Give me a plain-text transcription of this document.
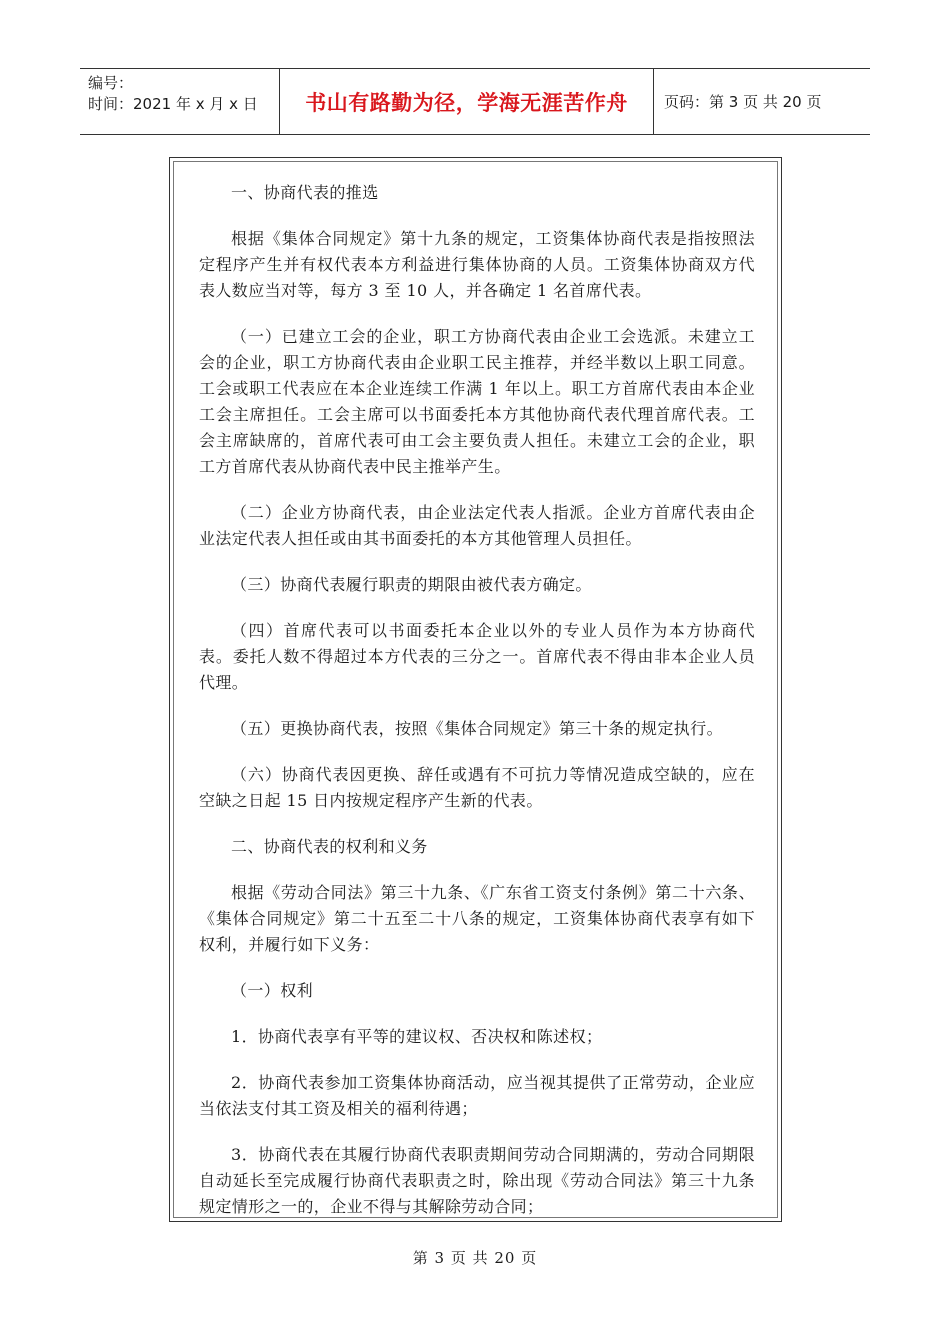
编号：
时间：2021 年 x 月 x 日	书山有路勤为径，学海无涯苦作舟	页码：第 3 页 共 20 页

一、协商代表的推选

根据《集体合同规定》第十九条的规定，工资集体协商代表是指按照法定程序产生并有权代表本方利益进行集体协商的人员。工资集体协商双方代表人数应当对等，每方 3 至 10 人，并各确定 1 名首席代表。

（一）已建立工会的企业，职工方协商代表由企业工会选派。未建立工会的企业，职工方协商代表由企业职工民主推荐，并经半数以上职工同意。工会或职工代表应在本企业连续工作满 1 年以上。职工方首席代表由本企业工会主席担任。工会主席可以书面委托本方其他协商代表代理首席代表。工会主席缺席的，首席代表可由工会主要负责人担任。未建立工会的企业，职工方首席代表从协商代表中民主推举产生。

（二）企业方协商代表，由企业法定代表人指派。企业方首席代表由企业法定代表人担任或由其书面委托的本方其他管理人员担任。

（三）协商代表履行职责的期限由被代表方确定。

（四）首席代表可以书面委托本企业以外的专业人员作为本方协商代表。委托人数不得超过本方代表的三分之一。首席代表不得由非本企业人员代理。

（五）更换协商代表，按照《集体合同规定》第三十条的规定执行。

（六）协商代表因更换、辞任或遇有不可抗力等情况造成空缺的，应在空缺之日起 15 日内按规定程序产生新的代表。

二、协商代表的权利和义务

根据《劳动合同法》第三十九条、《广东省工资支付条例》第二十六条、《集体合同规定》第二十五至二十八条的规定，工资集体协商代表享有如下权利，并履行如下义务：

（一）权利

1．协商代表享有平等的建议权、否决权和陈述权；

2．协商代表参加工资集体协商活动，应当视其提供了正常劳动，企业应当依法支付其工资及相关的福利待遇；

3．协商代表在其履行协商代表职责期间劳动合同期满的，劳动合同期限自动延长至完成履行协商代表职责之时，除出现《劳动合同法》第三十九条规定情形之一的，企业不得与其解除劳动合同；

第 3 页 共 20 页
